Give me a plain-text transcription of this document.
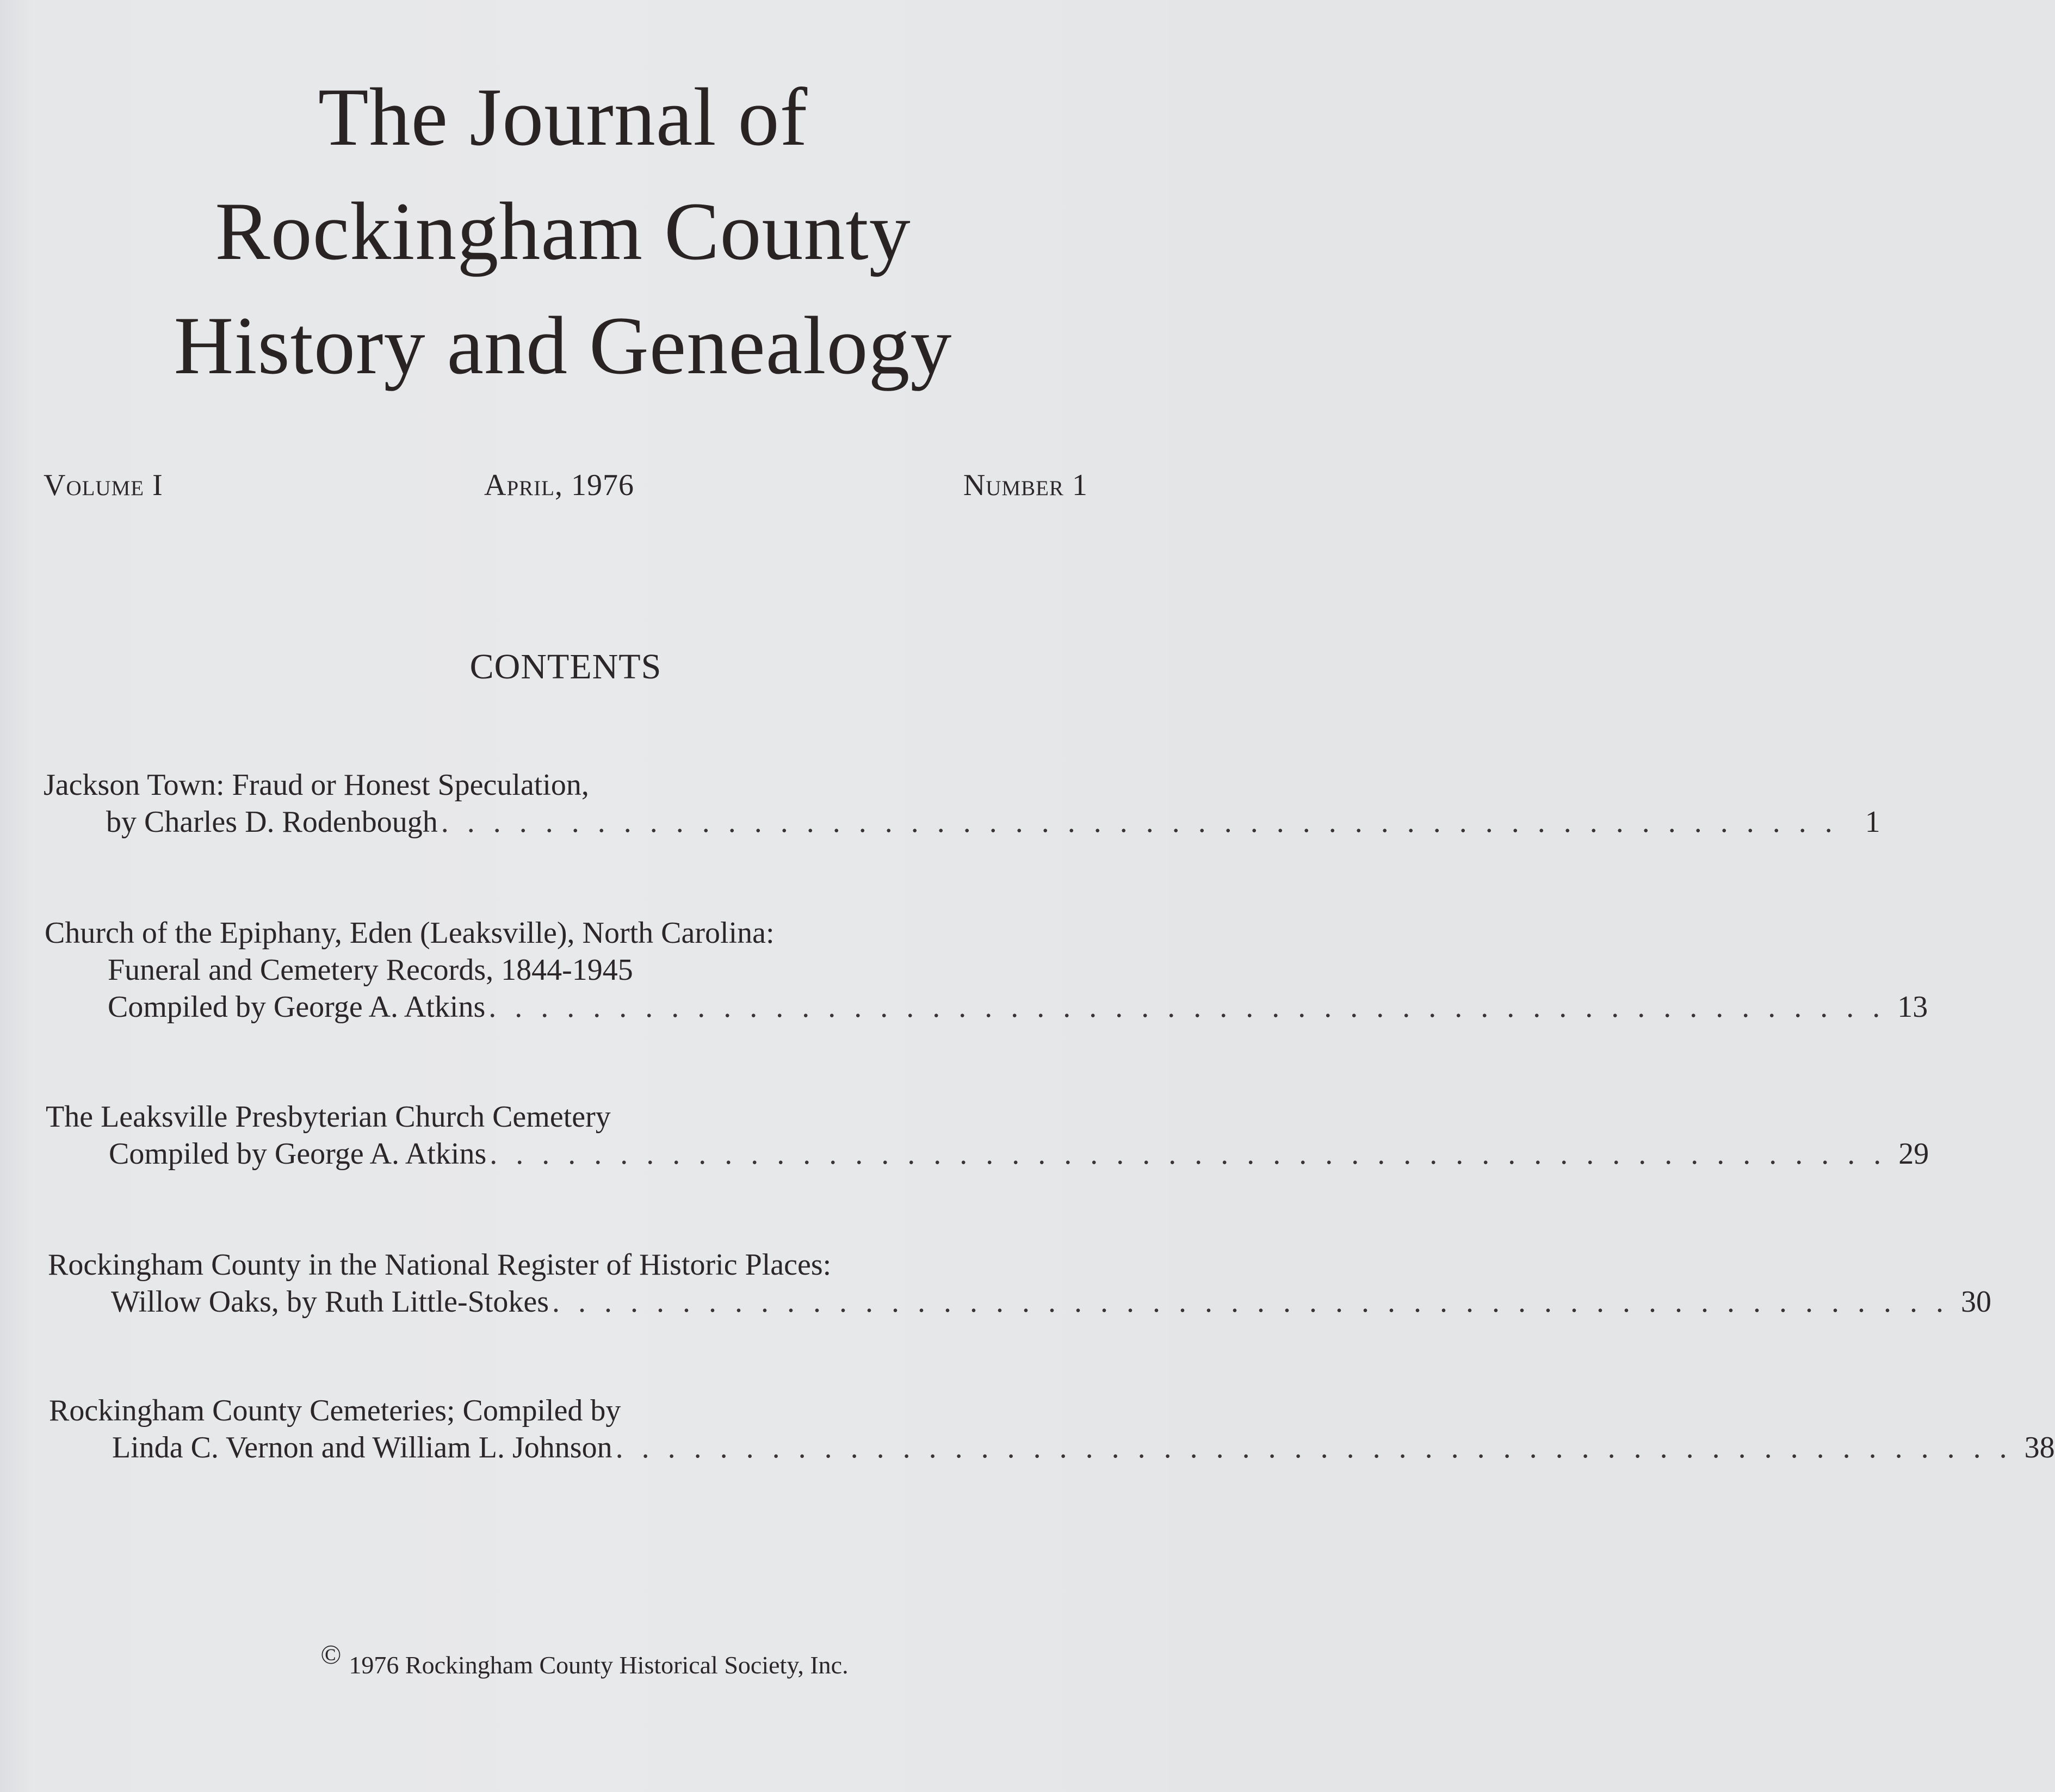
The Journal of
Rockingham County
History and Genealogy
Volume I	April, 1976	Number 1
CONTENTS
Jackson Town: Fraud or Honest Speculation,
by Charles D. Rodenbough . . . . . . . . . . . . . . . . . . . . . . . . . . . . . . . . . . . . . . . . . . . . . . . . . . . . . . 1
Church of the Epiphany, Eden (Leaksville), North Carolina:
Funeral and Cemetery Records, 1844-1945
Compiled by George A. Atkins . . . . . . . . . . . . . . . . . . . . . . . . . . . . . . . . . . . . . . . . . . . . . . . . . . . . . . 13
The Leaksville Presbyterian Church Cemetery
Compiled by George A. Atkins . . . . . . . . . . . . . . . . . . . . . . . . . . . . . . . . . . . . . . . . . . . . . . . . . . . . . . 29
Rockingham County in the National Register of Historic Places:
Willow Oaks, by Ruth Little-Stokes . . . . . . . . . . . . . . . . . . . . . . . . . . . . . . . . . . . . . . . . . . . . . . . . . . . . . . 30
Rockingham County Cemeteries; Compiled by
Linda C. Vernon and William L. Johnson . . . . . . . . . . . . . . . . . . . . . . . . . . . . . . . . . . . . . . . . . . . . . . . . . . . . . . 38
© 1976 Rockingham County Historical Society, Inc.
